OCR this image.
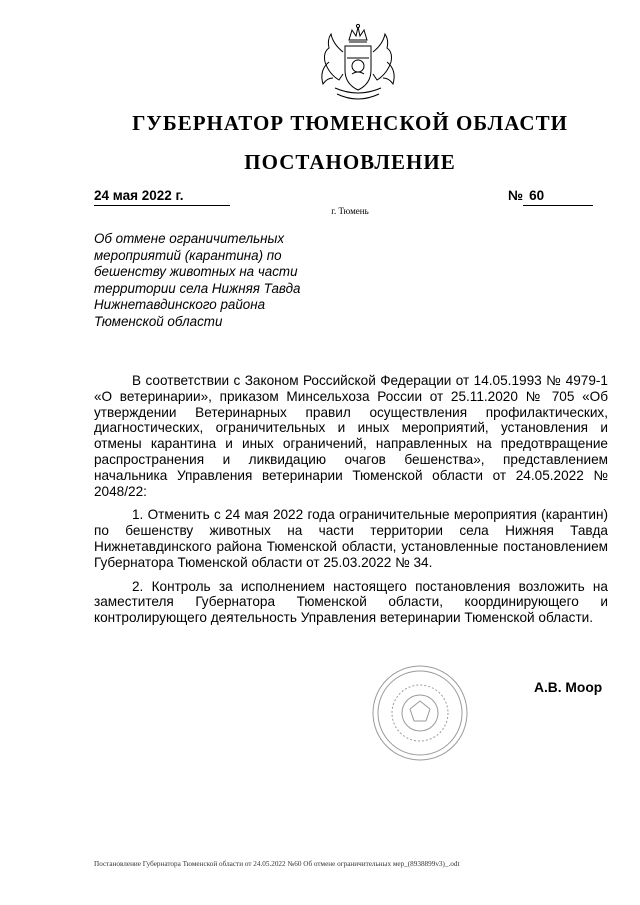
ГУБЕРНАТОР ТЮМЕНСКОЙ ОБЛАСТИ
ПОСТАНОВЛЕНИЕ
24 мая 2022 г.	№ 60
г. Тюмень
Об отмене ограничительных мероприятий (карантина) по бешенству животных на части территории села Нижняя Тавда Нижнетавдинского района Тюменской области

В соответствии с Законом Российской Федерации от 14.05.1993 № 4979-1 «О ветеринарии», приказом Минсельхоза России от 25.11.2020 № 705 «Об утверждении Ветеринарных правил осуществления профилактических, диагностических, ограничительных и иных мероприятий, установления и отмены карантина и иных ограничений, направленных на предотвращение распространения и ликвидацию очагов бешенства», представлением начальника Управления ветеринарии Тюменской области от 24.05.2022 № 2048/22:

1. Отменить с 24 мая 2022 года ограничительные мероприятия (карантин) по бешенству животных на части территории села Нижняя Тавда Нижнетавдинского района Тюменской области, установленные постановлением Губернатора Тюменской области от 25.03.2022 № 34.

2. Контроль за исполнением настоящего постановления возложить на заместителя Губернатора Тюменской области, координирующего и контролирующего деятельность Управления ветеринарии Тюменской области.

А.В. Моор
Постановление Губернатора Тюменской области от 24.05.2022 №60 Об отмене ограничительных мер_(8938899v3)_.odt
